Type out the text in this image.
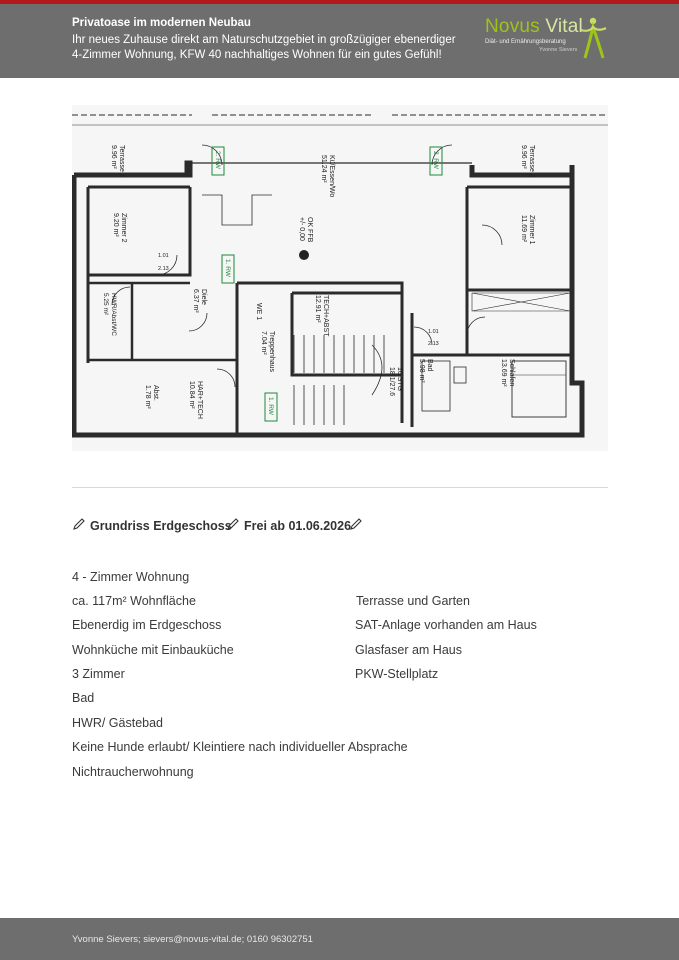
Privatoase im modernen Neubau
Ihr neues Zuhause direkt am Naturschutzgebiet in großzügiger ebenerdiger
4-Zimmer Wohnung, KFW 40 nachhaltiges Wohnen für ein gutes Gefühl!
Novus Vital
Diät- und Ernährungsberatung
Yvonne Sievers
Terrasse 1
9.96 m²	Terrasse 2
9.96 m²
Kü/Essen/Wo
51.24 m²
Zimmer 2
9.20 m²	Zimmer 1
11.69 m²
HWR/Abst/WC
5.25 m²	Diele
6.37 m²	WE 1	TECH+ABST
12.91 m²
Treppenhaus
7.04 m²
16 STG
18.1/27.6
Bad
5.98 m²	Schlafen
13.69 m²
Abst.
1.78 m²	HAR+TECH
10.84 m²
OK FFB
+/- 0,00
2. RW	2. RW
1. RW
1. RW
1.01
2.13
1.01
2.13
Grundriss Erdgeschoss Frei ab 01.06.2026
4 - Zimmer Wohnung
ca. 117m² Wohnfläche
Ebenerdig im Erdgeschoss
Wohnküche mit Einbauküche
3 Zimmer
Bad
HWR/ Gästebad
Keine Hunde erlaubt/ Kleintiere nach individueller Absprache
Nichtraucherwohnung
Terrasse und Garten
SAT-Anlage vorhanden am Haus
Glasfaser am Haus
PKW-Stellplatz
Yvonne Sievers; sievers@novus-vital.de; 0160 96302751
